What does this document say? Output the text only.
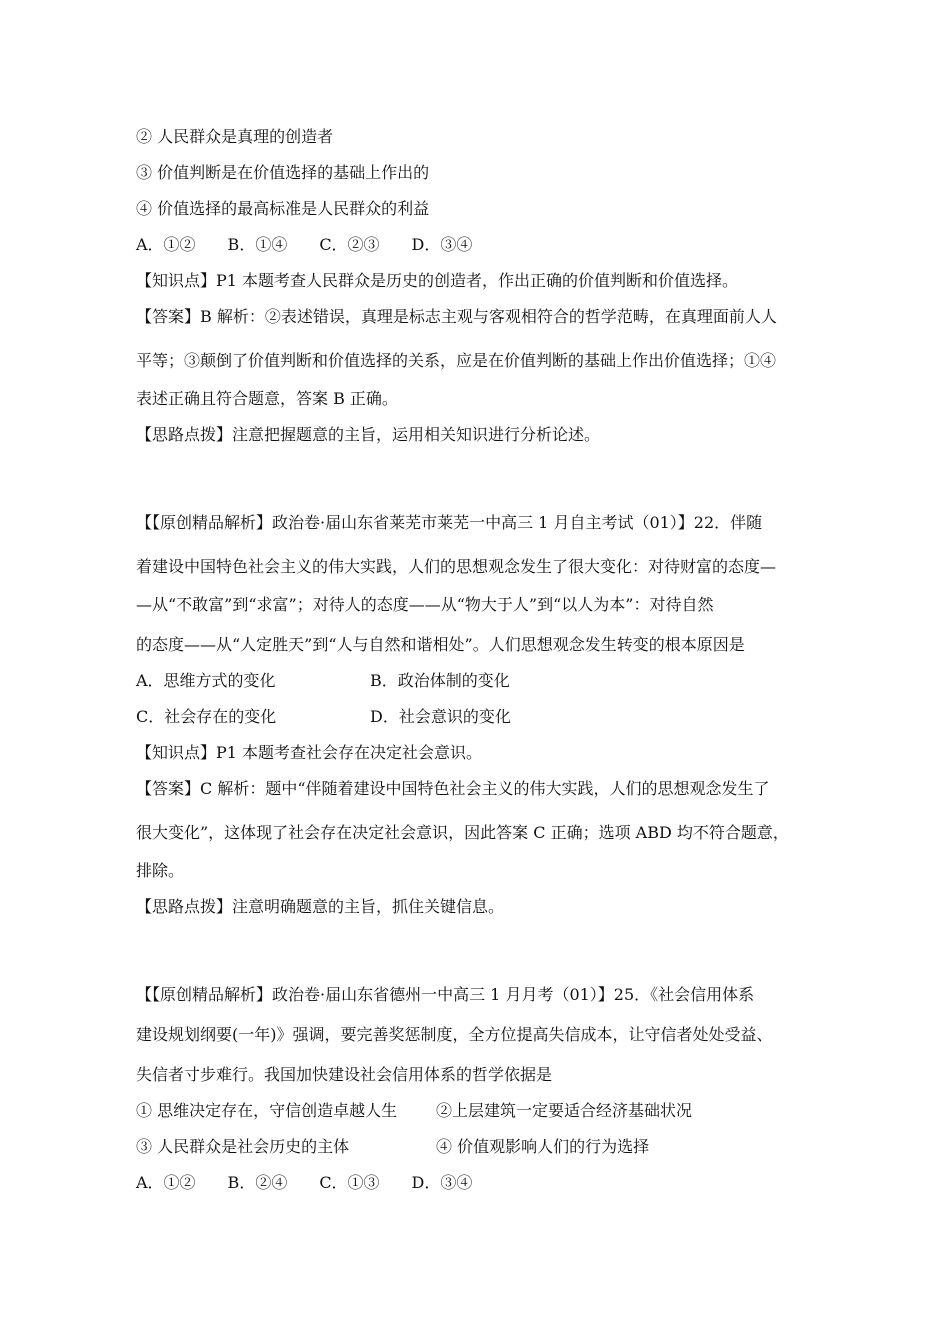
② 人民群众是真理的创造者
③ 价值判断是在价值选择的基础上作出的
④ 价值选择的最高标准是人民群众的利益
A．①②　　B．①④　　C．②③　　D．③④
【知识点】P1 本题考查人民群众是历史的创造者，作出正确的价值判断和价值选择。
【答案】B 解析：②表述错误，真理是标志主观与客观相符合的哲学范畴，在真理面前人人
平等；③颠倒了价值判断和价值选择的关系，应是在价值判断的基础上作出价值选择；①④
表述正确且符合题意，答案 B 正确。
【思路点拨】注意把握题意的主旨，运用相关知识进行分析论述。
【【原创精品解析】政治卷·届山东省莱芜市莱芜一中高三 1 月自主考试（01）】22．伴随
着建设中国特色社会主义的伟大实践，人们的思想观念发生了很大变化：对待财富的态度—
—从“不敢富”到“求富”；对待人的态度——从“物大于人”到“以人为本”：对待自然
的态度——从“人定胜天”到“人与自然和谐相处”。人们思想观念发生转变的根本原因是
A．思维方式的变化	B．政治体制的变化
C．社会存在的变化	D．社会意识的变化
【知识点】P1 本题考查社会存在决定社会意识。
【答案】C 解析：题中“伴随着建设中国特色社会主义的伟大实践，人们的思想观念发生了
很大变化”，这体现了社会存在决定社会意识，因此答案 C 正确；选项 ABD 均不符合题意，
排除。
【思路点拨】注意明确题意的主旨，抓住关键信息。
【【原创精品解析】政治卷·届山东省德州一中高三 1 月月考（01）】25．《社会信用体系
建设规划纲要(一年)》强调，要完善奖惩制度，全方位提高失信成本，让守信者处处受益、
失信者寸步难行。我国加快建设社会信用体系的哲学依据是
① 思维决定存在，守信创造卓越人生 ②上层建筑一定要适合经济基础状况
③ 人民群众是社会历史的主体	④ 价值观影响人们的行为选择
A．①②　　B．②④　　C．①③　　D．③④
